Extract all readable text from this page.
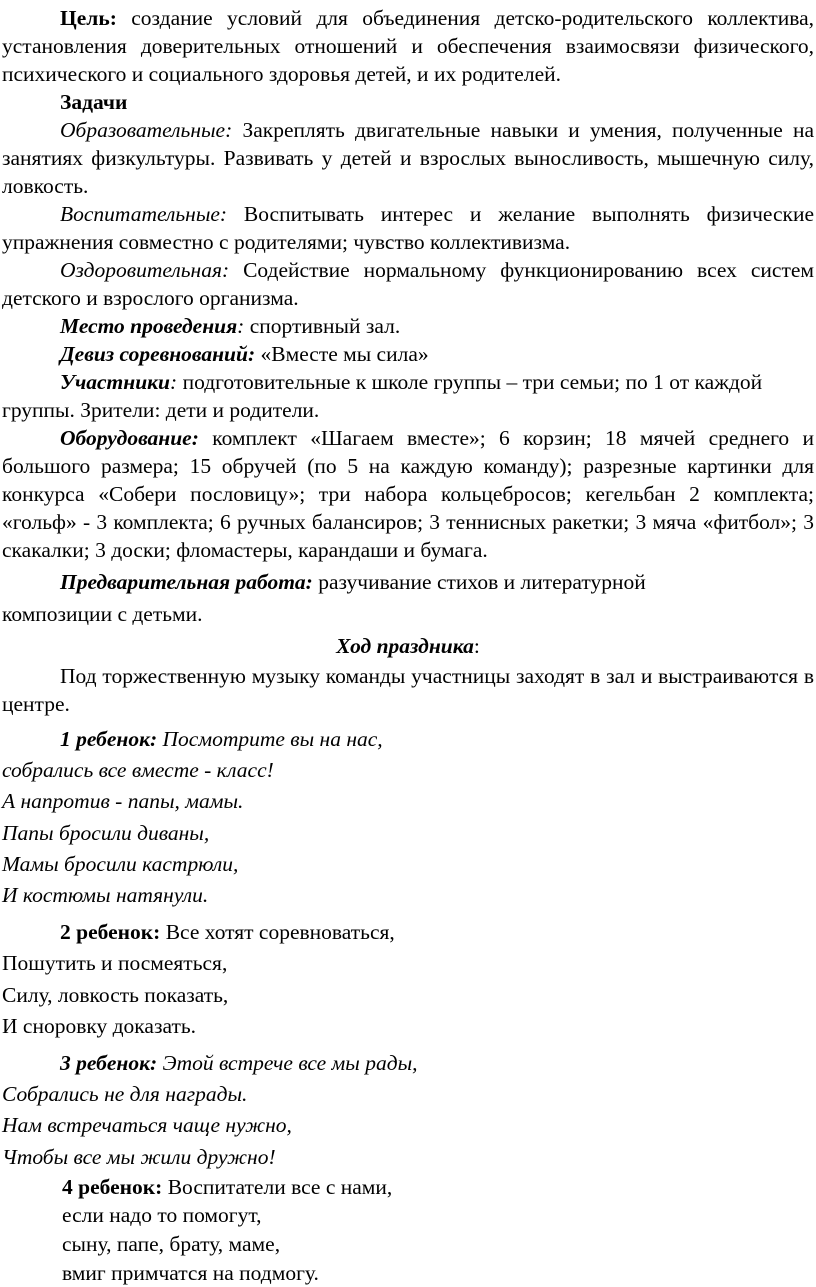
Цель: создание условий для объединения детско-родительского коллектива, установления доверительных отношений и обеспечения взаимосвязи физического, психического и социального здоровья детей, и их родителей.

Задачи

Образовательные: Закреплять двигательные навыки и умения, полученные на занятиях физкультуры. Развивать у детей и взрослых выносливость, мышечную силу, ловкость.

Воспитательные: Воспитывать интерес и желание выполнять физические упражнения совместно с родителями; чувство коллективизма.

Оздоровительная: Содействие нормальному функционированию всех систем детского и взрослого организма.

Место проведения: спортивный зал.

Девиз соревнований: «Вместе мы сила»

Участники: подготовительные к школе группы – три семьи; по 1 от каждой группы. Зрители: дети и родители.

Оборудование: комплект «Шагаем вместе»; 6 корзин; 18 мячей среднего и большого размера; 15 обручей (по 5 на каждую команду); разрезные картинки для конкурса «Собери пословицу»; три набора кольцебросов; кегельбан 2 комплекта; «гольф» - 3 комплекта; 6 ручных балансиров; 3 теннисных ракетки; 3 мяча «фитбол»; 3 скакалки; 3 доски; фломастеры, карандаши и бумага.

Предварительная работа: разучивание стихов и литературной

композиции с детьми.

Ход праздника:

Под торжественную музыку команды участницы заходят в зал и выстраиваются в центре.

1 ребенок: Посмотрите вы на нас,

собрались все вместе - класс!

А напротив - папы, мамы.

Папы бросили диваны,

Мамы бросили кастрюли,

И костюмы натянули.

2 ребенок: Все хотят соревноваться,

Пошутить и посмеяться,

Силу, ловкость показать,

И сноровку доказать.

3 ребенок: Этой встрече все мы рады,

Собрались не для награды.

Нам встречаться чаще нужно,

Чтобы все мы жили дружно!

4 ребенок: Воспитатели все с нами,

если надо то помогут,

сыну, папе, брату, маме,

вмиг примчатся на подмогу.
